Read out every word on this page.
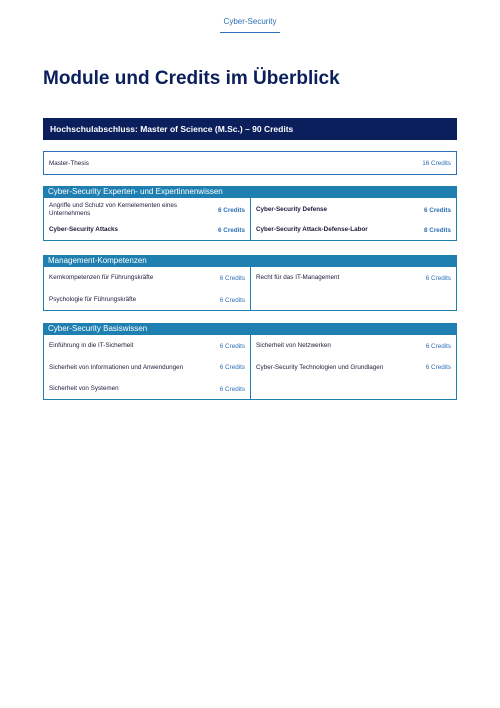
Cyber-Security
Module und Credits im Überblick
Hochschulabschluss: Master of Science (M.Sc.) – 90 Credits
Master-Thesis	16 Credits
Cyber-Security Experten- und Expertinnenwissen
Angriffe und Schutz von Kernelementen eines Unternehmens	6 Credits
Cyber-Security Attacks	6 Credits
Cyber-Security Defense	6 Credits
Cyber-Security Attack-Defense-Labor	8 Credits
Management-Kompetenzen
Kernkompetenzen für Führungskräfte	6 Credits
Psychologie für Führungskräfte	6 Credits
Recht für das IT-Management	6 Credits
Cyber-Security Basiswissen
Einführung in die IT-Sicherheit	6 Credits
Sicherheit von Informationen und Anwendungen	6 Credits
Sicherheit von Systemen	6 Credits
Sicherheit von Netzwerken	6 Credits
Cyber-Security Technologien und Grundlagen	6 Credits
